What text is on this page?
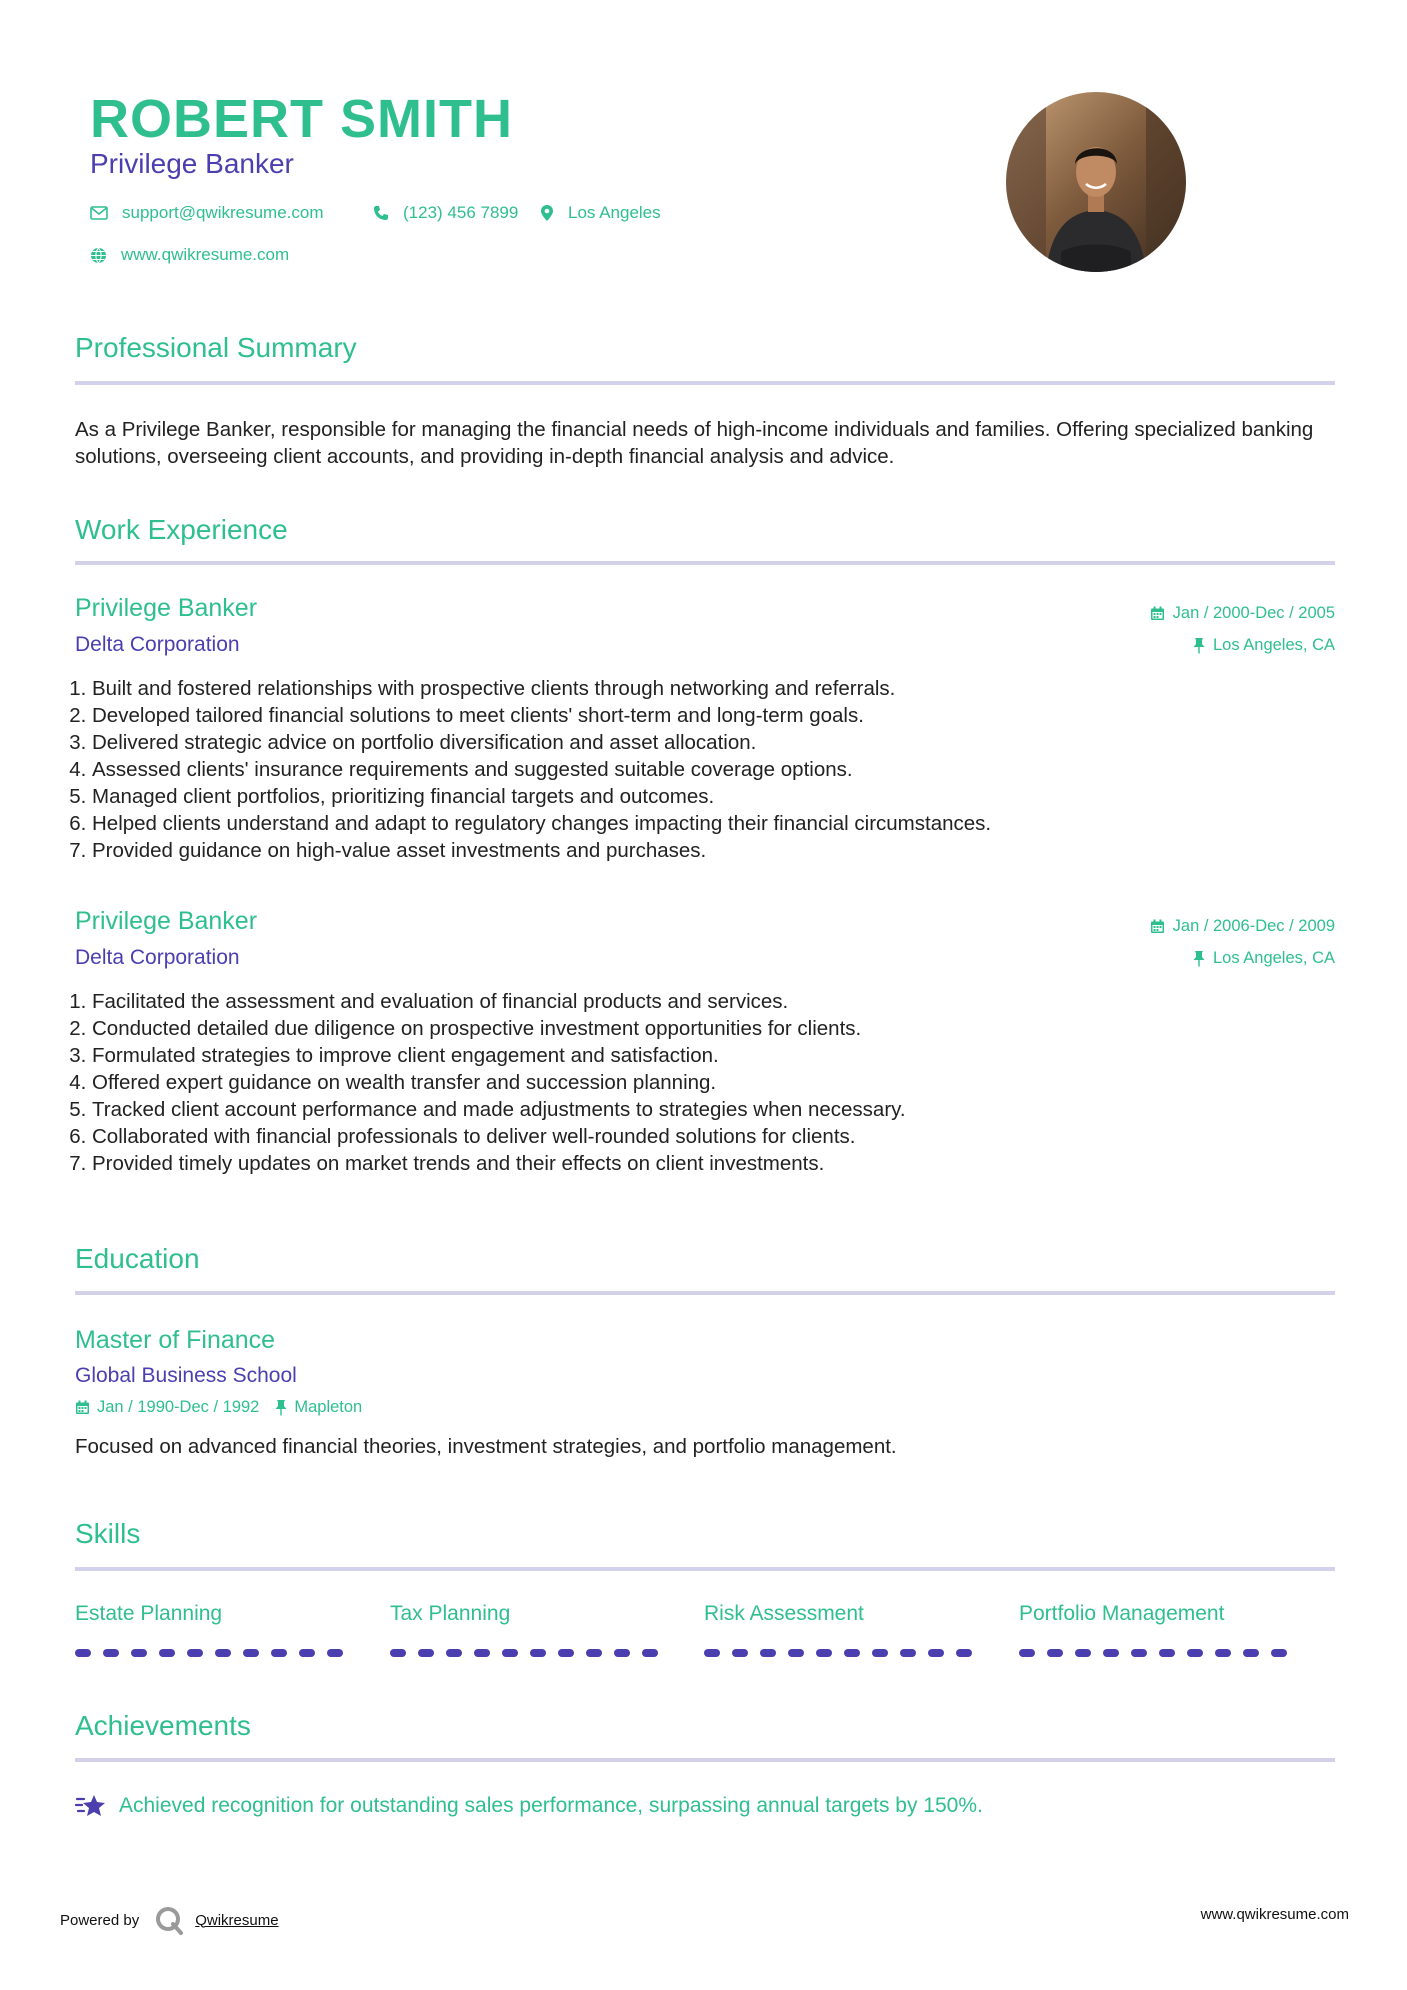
ROBERT SMITH
Privilege Banker
support@qwikresume.com	(123) 456 7899	Los Angeles
www.qwikresume.com
Professional Summary
As a Privilege Banker, responsible for managing the financial needs of high-income individuals and families. Offering specialized banking solutions, overseeing client accounts, and providing in-depth financial analysis and advice.
Work Experience
Privilege Banker
Delta Corporation
Jan / 2000-Dec / 2005
Los Angeles, CA
1. Built and fostered relationships with prospective clients through networking and referrals.
2. Developed tailored financial solutions to meet clients' short-term and long-term goals.
3. Delivered strategic advice on portfolio diversification and asset allocation.
4. Assessed clients' insurance requirements and suggested suitable coverage options.
5. Managed client portfolios, prioritizing financial targets and outcomes.
6. Helped clients understand and adapt to regulatory changes impacting their financial circumstances.
7. Provided guidance on high-value asset investments and purchases.
Privilege Banker
Delta Corporation
Jan / 2006-Dec / 2009
Los Angeles, CA
1. Facilitated the assessment and evaluation of financial products and services.
2. Conducted detailed due diligence on prospective investment opportunities for clients.
3. Formulated strategies to improve client engagement and satisfaction.
4. Offered expert guidance on wealth transfer and succession planning.
5. Tracked client account performance and made adjustments to strategies when necessary.
6. Collaborated with financial professionals to deliver well-rounded solutions for clients.
7. Provided timely updates on market trends and their effects on client investments.
Education
Master of Finance
Global Business School
Jan / 1990-Dec / 1992 Mapleton
Focused on advanced financial theories, investment strategies, and portfolio management.
Skills
Estate Planning	Tax Planning	Risk Assessment	Portfolio Management
Achievements
Achieved recognition for outstanding sales performance, surpassing annual targets by 150%.
Powered by	Qwikresume	www.qwikresume.com
